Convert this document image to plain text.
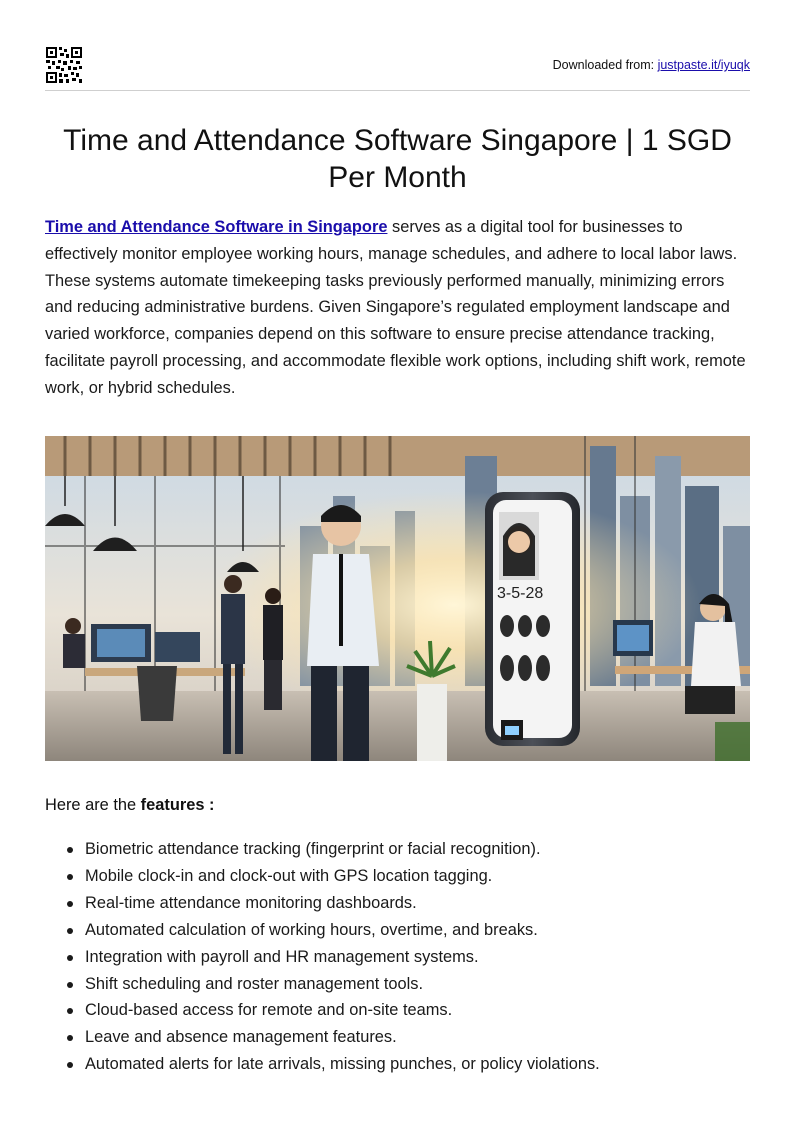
Downloaded from: justpaste.it/iyuqk
Time and Attendance Software Singapore | 1 SGD Per Month

Time and Attendance Software in Singapore serves as a digital tool for businesses to effectively monitor employee working hours, manage schedules, and adhere to local labor laws. These systems automate timekeeping tasks previously performed manually, minimizing errors and reducing administrative burdens. Given Singapore’s regulated employment landscape and varied workforce, companies depend on this software to ensure precise attendance tracking, facilitate payroll processing, and accommodate flexible work options, including shift work, remote work, or hybrid schedules.

3-5-28

Here are the features :

Biometric attendance tracking (fingerprint or facial recognition).
Mobile clock-in and clock-out with GPS location tagging.
Real-time attendance monitoring dashboards.
Automated calculation of working hours, overtime, and breaks.
Integration with payroll and HR management systems.
Shift scheduling and roster management tools.
Cloud-based access for remote and on-site teams.
Leave and absence management features.
Automated alerts for late arrivals, missing punches, or policy violations.
